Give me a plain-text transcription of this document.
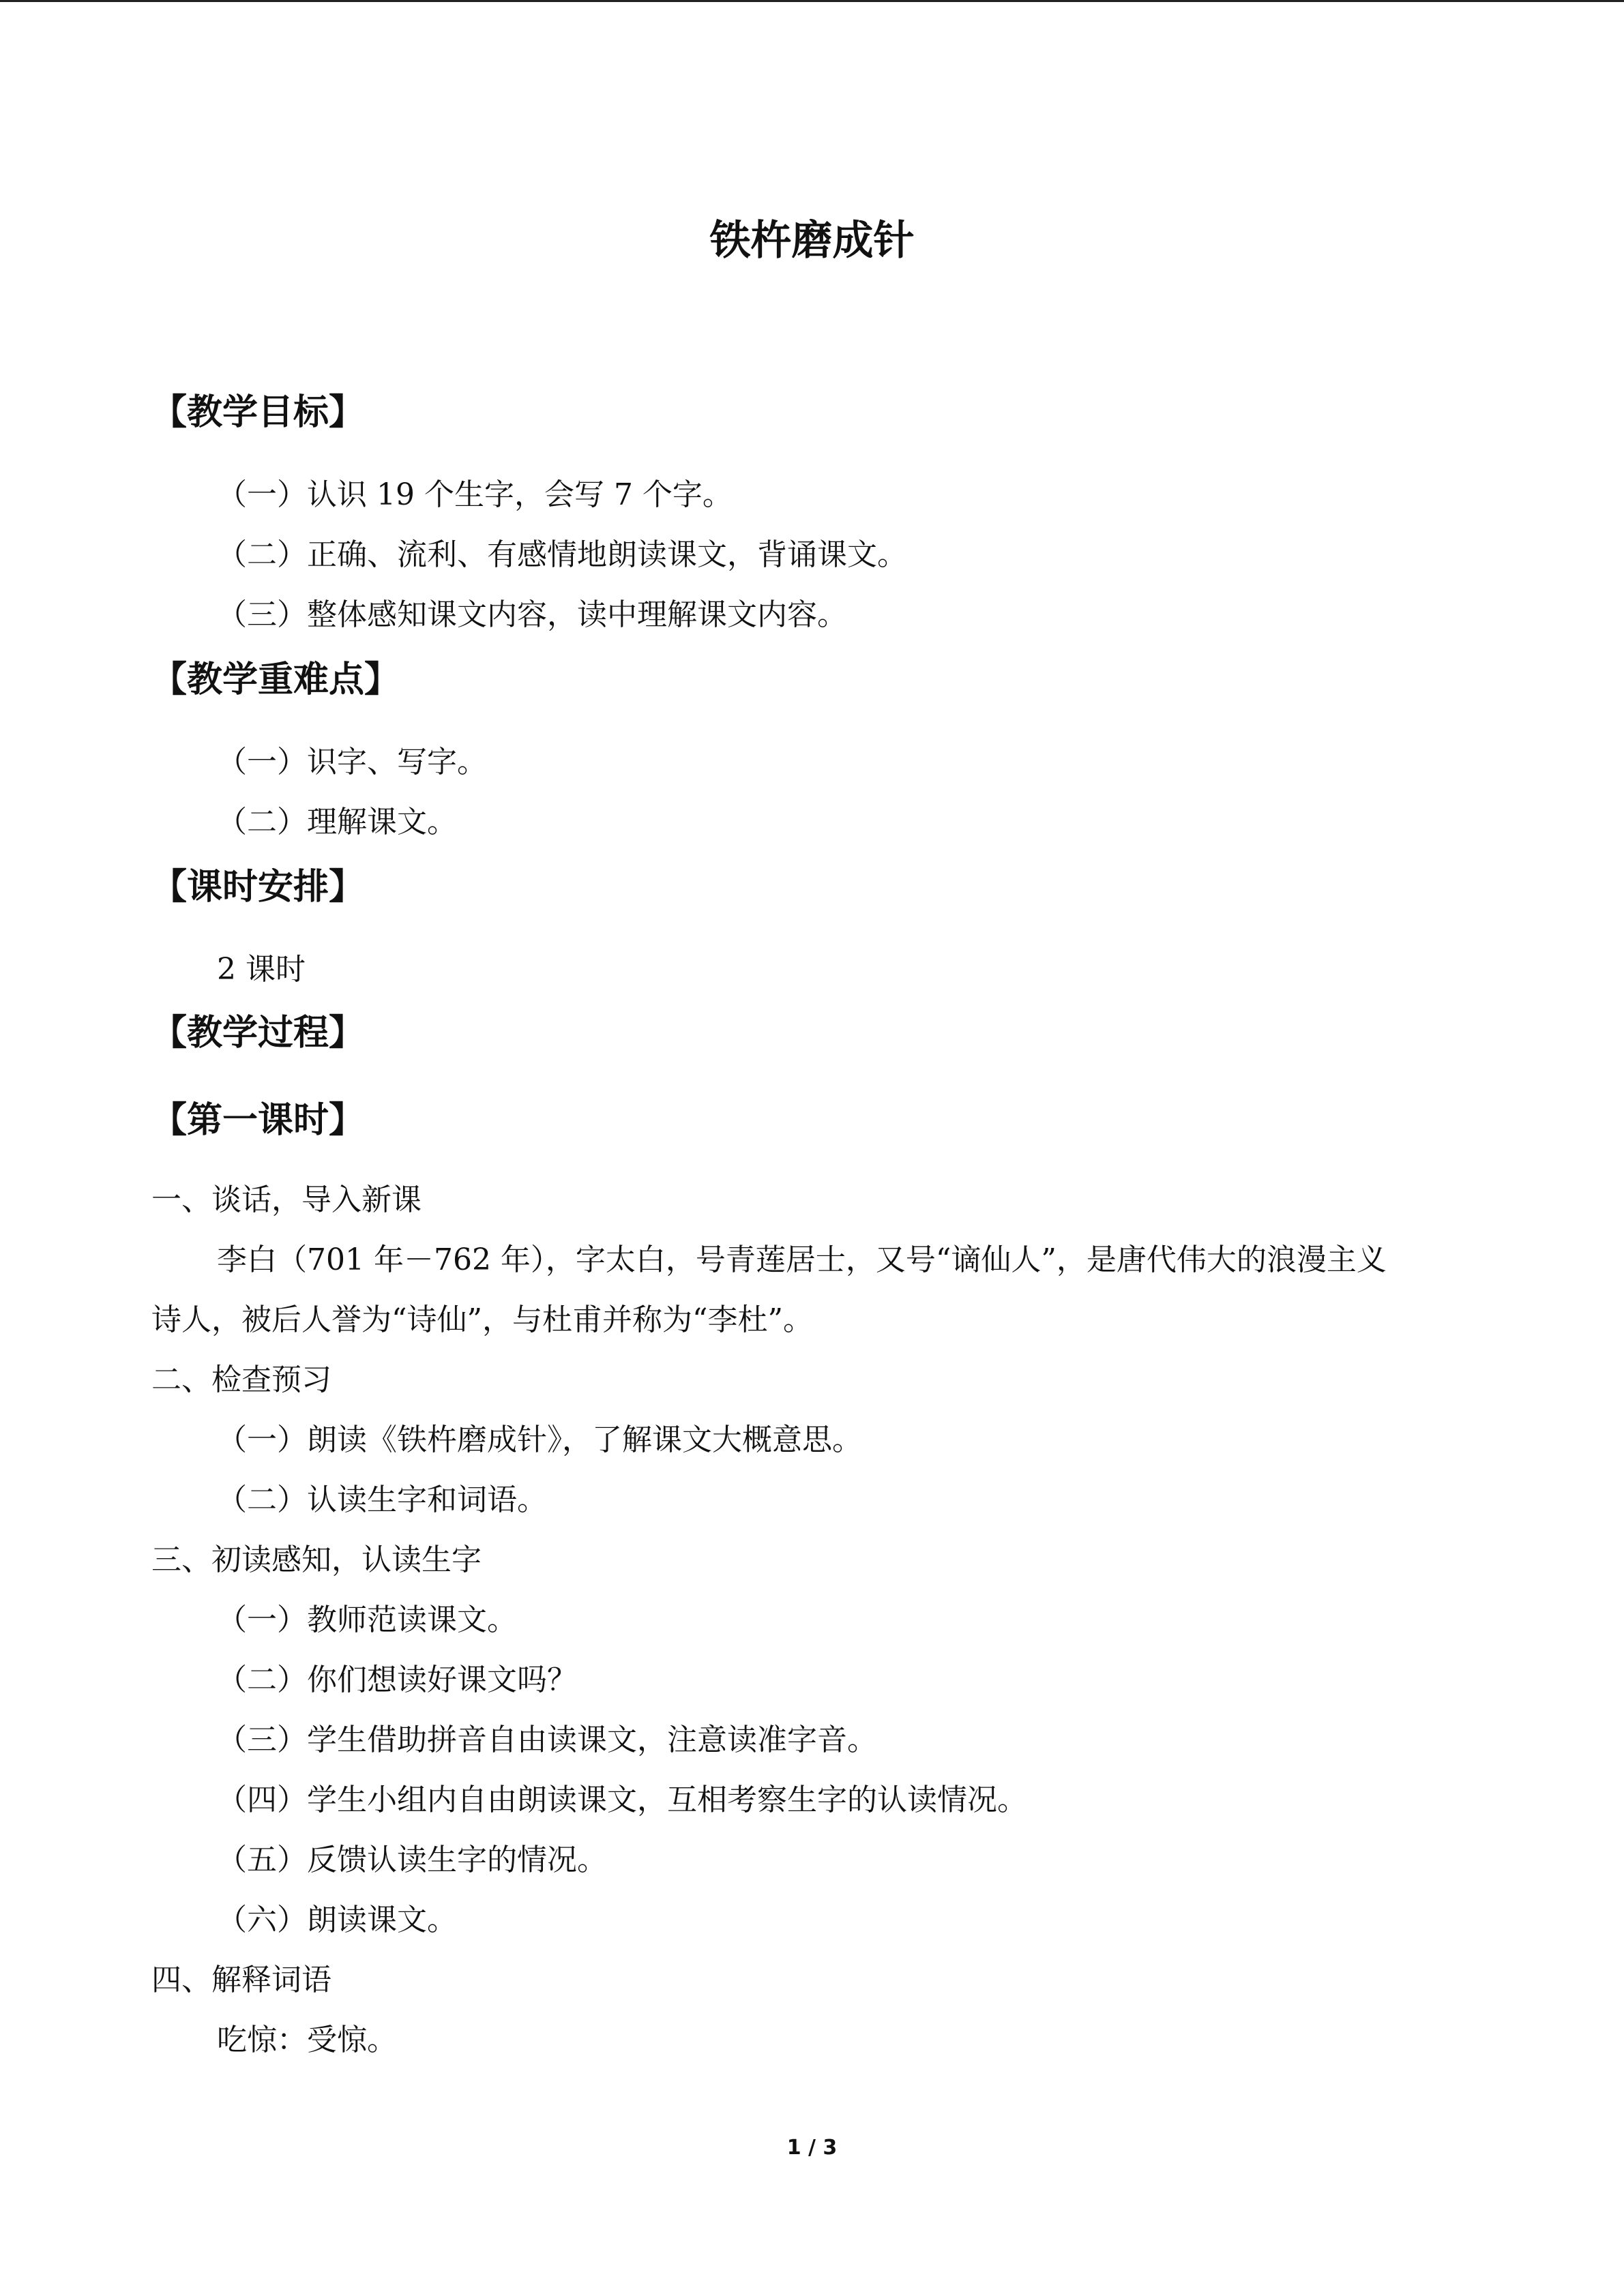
铁杵磨成针
【教学目标】
（一）认识 19 个生字，会写 7 个字。
（二）正确、流利、有感情地朗读课文，背诵课文。
（三）整体感知课文内容，读中理解课文内容。
【教学重难点】
（一）识字、写字。
（二）理解课文。
【课时安排】
2 课时
【教学过程】
【第一课时】
一、谈话，导入新课
李白（701 年－762 年），字太白，号青莲居士，又号“谪仙人”，是唐代伟大的浪漫主义
诗人，被后人誉为“诗仙”，与杜甫并称为“李杜”。
二、检查预习
（一）朗读《铁杵磨成针》，了解课文大概意思。
（二）认读生字和词语。
三、初读感知，认读生字
（一）教师范读课文。
（二）你们想读好课文吗？
（三）学生借助拼音自由读课文，注意读准字音。
（四）学生小组内自由朗读课文，互相考察生字的认读情况。
（五）反馈认读生字的情况。
（六）朗读课文。
四、解释词语
吃惊：受惊。
1 / 3
